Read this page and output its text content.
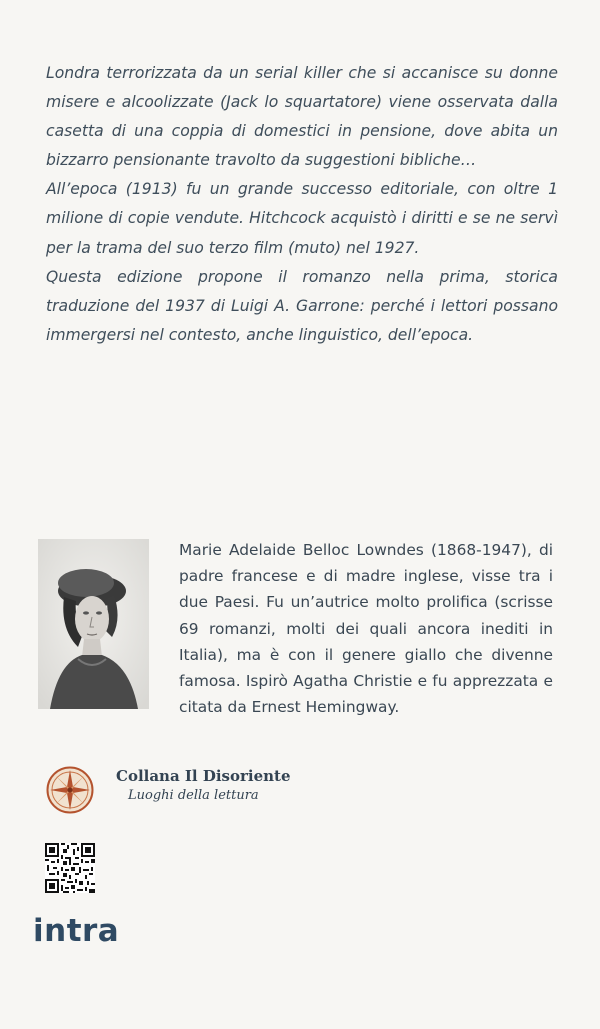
Londra terrorizzata da un serial killer che si accanisce su donne misere e alcoolizzate (Jack lo squartatore) viene osservata dalla casetta di una coppia di domestici in pensione, dove abita un bizzarro pensionante travolto da suggestioni bibliche…

All’epoca (1913) fu un grande successo editoriale, con oltre 1 milione di copie vendute. Hitchcock acquistò i diritti e se ne servì per la trama del suo terzo film (muto) nel 1927.

Questa edizione propone il romanzo nella prima, storica traduzione del 1937 di Luigi A. Garrone: perché i lettori possano immergersi nel contesto, anche linguistico, dell’epoca.

Marie Adelaide Belloc Lowndes (1868-1947), di padre francese e di madre inglese, visse tra i due Paesi. Fu un’autrice molto prolifica (scrisse 69 romanzi, molti dei quali ancora inediti in Italia), ma è con il genere giallo che divenne famosa. Ispirò Agatha Christie e fu apprezzata e citata da Ernest Hemingway.

Collana Il Disoriente
Luoghi della lettura
intra
